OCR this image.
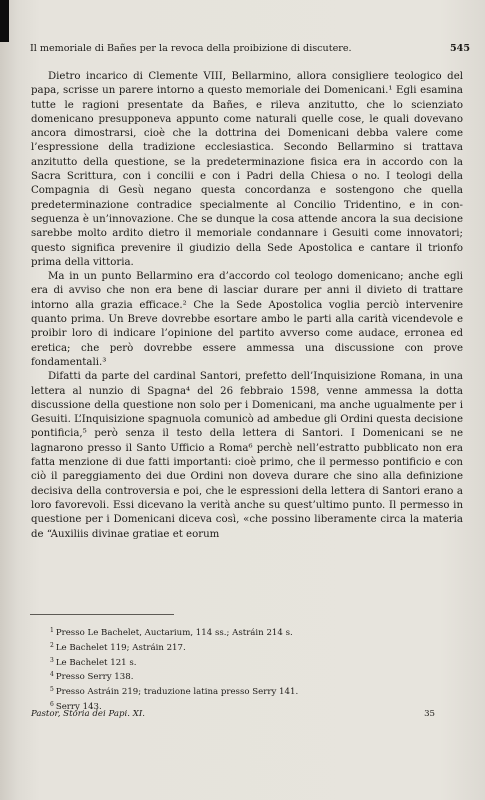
Il memoriale di Bañes per la revoca della proibizione di discutere.	545

Dietro incarico di Clemente VIII, Bellarmino, allora consigliere teologico del papa, scrisse un parere intorno a questo memoriale dei Domenicani.¹ Egli esamina tutte le ragioni presentate da Bañes, e rileva anzitutto, che lo scienziato domenicano presupponeva appunto come naturali quelle cose, le quali dovevano ancora dimostrarsi, cioè che la dottrina dei Domenicani debba valere come l’espressione della tradizione ecclesiastica. Secondo Bellarmino si trattava anzitutto della questione, se la predeterminazione fisica era in accordo con la Sacra Scrittura, con i concilii e con i Padri della Chiesa o no. I teologi della Compagnia di Gesù negano questa concordanza e sostengono che quella predeterminazione contradice specialmente al Concilio Tridentino, e in conseguenza è un’innovazione. Che se dunque la cosa attende ancora la sua decisione sarebbe molto ardito dietro il memoriale condannare i Gesuiti come innovatori; questo significa prevenire il giudizio della Sede Apostolica e cantare il trionfo prima della vittoria.

Ma in un punto Bellarmino era d’accordo col teologo domenicano; anche egli era di avviso che non era bene di lasciar durare per anni il divieto di trattare intorno alla grazia efficace.² Che la Sede Apostolica voglia perciò intervenire quanto prima. Un Breve dovrebbe esortare ambo le parti alla carità vicendevole e proibir loro di indicare l’opinione del partito avverso come audace, erronea ed eretica; che però dovrebbe essere ammessa una discussione con prove fondamentali.³

Difatti da parte del cardinal Santori, prefetto dell’Inquisizione Romana, in una lettera al nunzio di Spagna⁴ del 26 febbraio 1598, venne ammessa la dotta discussione della questione non solo per i Domenicani, ma anche ugualmente per i Gesuiti. L’Inquisizione spagnuola comunicò ad ambedue gli Ordini questa decisione pontificia,⁵ però senza il testo della lettera di Santori. I Domenicani se ne lagnarono presso il Santo Ufficio a Roma⁶ perchè nell’estratto pubblicato non era fatta menzione di due fatti importanti: cioè primo, che il permesso pontificio e con ciò il pareggiamento dei due Ordini non doveva durare che sino alla definizione decisiva della controversia e poi, che le espressioni della lettera di Santori erano a loro favorevoli. Essi dicevano la verità anche su quest’ultimo punto. Il permesso in questione per i Domenicani diceva così, «che possino liberamente circa la materia de “Auxiliis divinae gratiae et eorum

$^1$ Presso Le Bachelet, Auctarium, 114 ss.; Astráin 214 s.
$^2$ Le Bachelet 119; Astráin 217.
$^3$ Le Bachelet 121 s.
$^4$ Presso Serry 138.
$^5$ Presso Astráin 219; traduzione latina presso Serry 141.
$^6$ Serry 143.
Pastor, Storia dei Papi. XI.	35
